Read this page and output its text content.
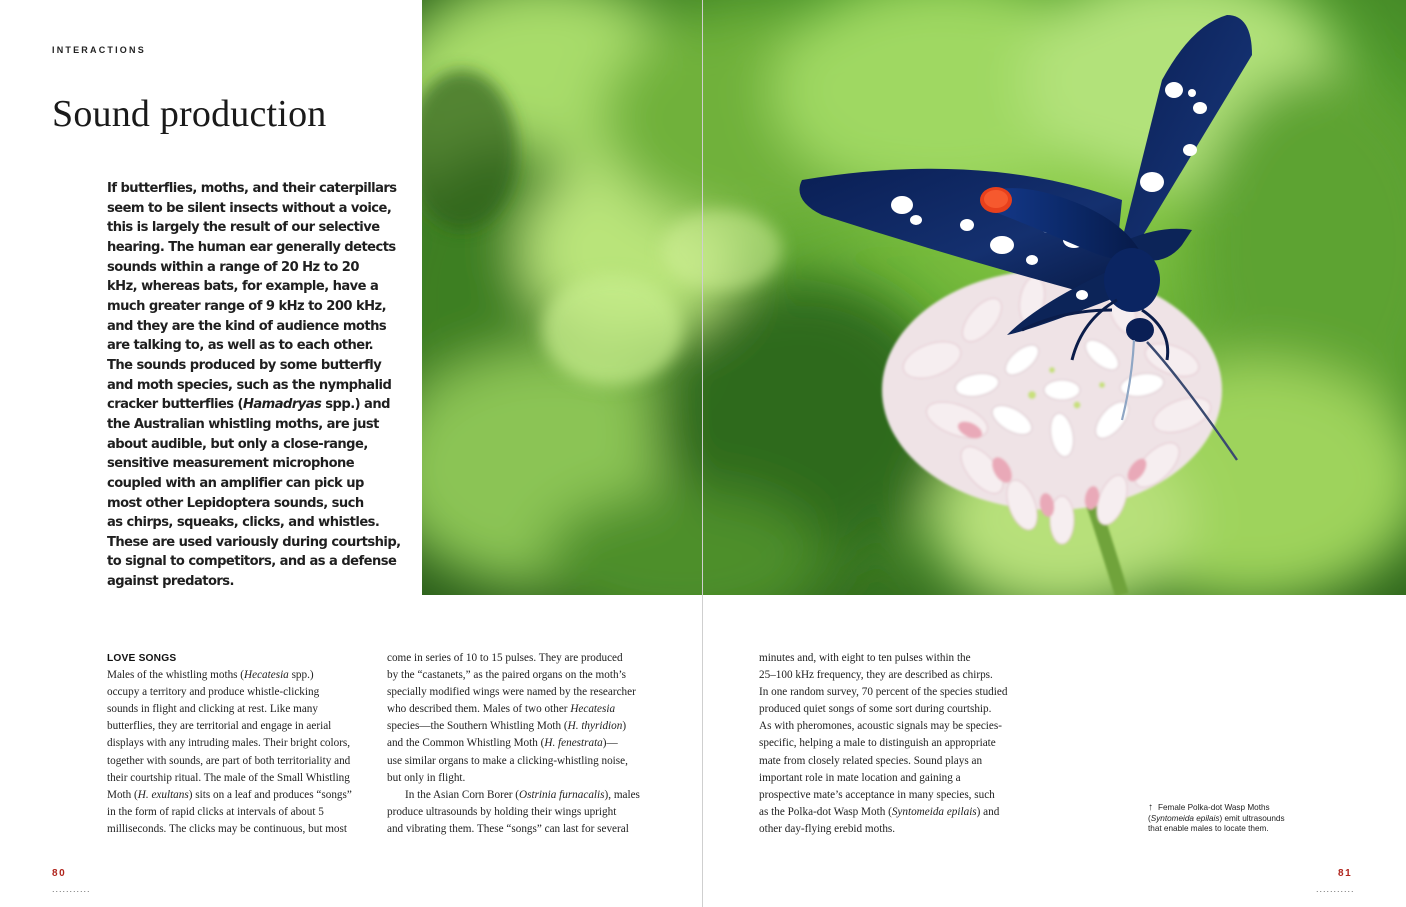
INTERACTIONS
Sound production
If butterflies, moths, and their caterpillars
seem to be silent insects without a voice,
this is largely the result of our selective
hearing. The human ear generally detects
sounds within a range of 20 Hz to 20
kHz, whereas bats, for example, have a
much greater range of 9 kHz to 200 kHz,
and they are the kind of audience moths
are talking to, as well as to each other.
The sounds produced by some butterfly
and moth species, such as the nymphalid
cracker butterflies (Hamadryas spp.) and
the Australian whistling moths, are just
about audible, but only a close-range,
sensitive measurement microphone
coupled with an amplifier can pick up
most other Lepidoptera sounds, such
as chirps, squeaks, clicks, and whistles.
These are used variously during courtship,
to signal to competitors, and as a defense
against predators.
LOVE SONGS
Males of the whistling moths (Hecatesia spp.)
occupy a territory and produce whistle-clicking
sounds in flight and clicking at rest. Like many
butterflies, they are territorial and engage in aerial
displays with any intruding males. Their bright colors,
together with sounds, are part of both territoriality and
their courtship ritual. The male of the Small Whistling
Moth (H. exultans) sits on a leaf and produces “songs”
in the form of rapid clicks at intervals of about 5
milliseconds. The clicks may be continuous, but most
come in series of 10 to 15 pulses. They are produced
by the “castanets,” as the paired organs on the moth’s
specially modified wings were named by the researcher
who described them. Males of two other Hecatesia
species—the Southern Whistling Moth (H. thyridion)
and the Common Whistling Moth (H. fenestrata)—
use similar organs to make a clicking-whistling noise,
but only in flight.
In the Asian Corn Borer (Ostrinia furnacalis), males
produce ultrasounds by holding their wings upright
and vibrating them. These “songs” can last for several
minutes and, with eight to ten pulses within the
25–100 kHz frequency, they are described as chirps.
In one random survey, 70 percent of the species studied
produced quiet songs of some sort during courtship.
As with pheromones, acoustic signals may be species-
specific, helping a male to distinguish an appropriate
mate from closely related species. Sound plays an
important role in mate location and gaining a
prospective mate’s acceptance in many species, such
as the Polka-dot Wasp Moth (Syntomeida epilais) and
other day-flying erebid moths.
↑ Female Polka-dot Wasp Moths
(Syntomeida epilais) emit ultrasounds
that enable males to locate them.
80
...........
81
...........
